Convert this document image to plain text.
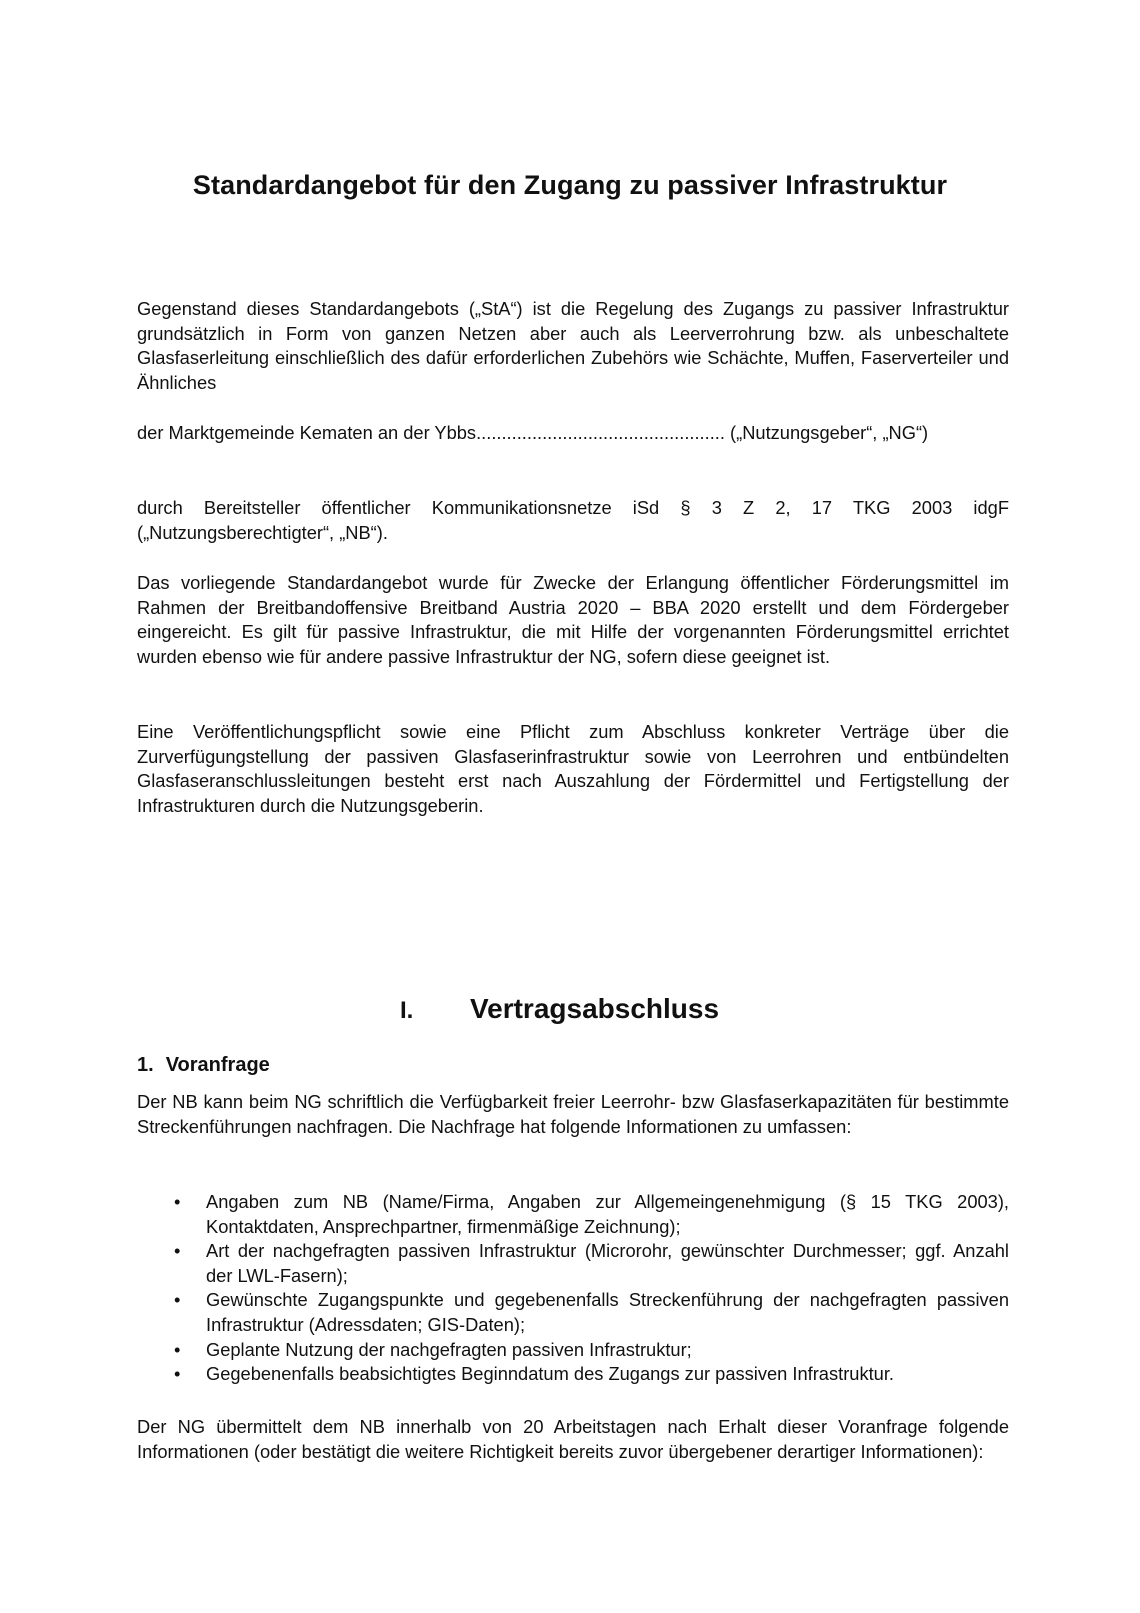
Standardangebot für den Zugang zu passiver Infrastruktur

Gegenstand dieses Standardangebots („StA“) ist die Regelung des Zugangs zu passiver Infrastruktur grundsätzlich in Form von ganzen Netzen aber auch als Leerverrohrung bzw. als unbeschaltete Glasfaserleitung einschließlich des dafür erforderlichen Zubehörs wie Schächte, Muffen, Faserverteiler und Ähnliches

der Marktgemeinde Kematen an der Ybbs................................................. („Nutzungsgeber“, „NG“)

durch Bereitsteller öffentlicher Kommunikationsnetze iSd § 3 Z 2, 17 TKG 2003 idgF („Nutzungsberechtigter“, „NB“).

Das vorliegende Standardangebot wurde für Zwecke der Erlangung öffentlicher Förderungsmittel im Rahmen der Breitbandoffensive Breitband Austria 2020 – BBA 2020 erstellt und dem Fördergeber eingereicht. Es gilt für passive Infrastruktur, die mit Hilfe der vorgenannten Förderungsmittel errichtet wurden ebenso wie für andere passive Infrastruktur der NG, sofern diese geeignet ist.

Eine Veröffentlichungspflicht sowie eine Pflicht zum Abschluss konkreter Verträge über die Zurverfügungstellung der passiven Glasfaserinfrastruktur sowie von Leerrohren und entbündelten Glasfaseranschlussleitungen besteht erst nach Auszahlung der Fördermittel und Fertigstellung der Infrastrukturen durch die Nutzungsgeberin.

I. Vertragsabschluss
1. Voranfrage

Der NB kann beim NG schriftlich die Verfügbarkeit freier Leerrohr- bzw Glasfaserkapazitäten für bestimmte Streckenführungen nachfragen. Die Nachfrage hat folgende Informationen zu umfassen:

• Angaben zum NB (Name/Firma, Angaben zur Allgemeingenehmigung (§ 15 TKG 2003), Kontaktdaten, Ansprechpartner, firmenmäßige Zeichnung);
• Art der nachgefragten passiven Infrastruktur (Microrohr, gewünschter Durchmesser; ggf. Anzahl der LWL-Fasern);
• Gewünschte Zugangspunkte und gegebenenfalls Streckenführung der nachgefragten passiven Infrastruktur (Adressdaten; GIS-Daten);
• Geplante Nutzung der nachgefragten passiven Infrastruktur;
• Gegebenenfalls beabsichtigtes Beginndatum des Zugangs zur passiven Infrastruktur.

Der NG übermittelt dem NB innerhalb von 20 Arbeitstagen nach Erhalt dieser Voranfrage folgende Informationen (oder bestätigt die weitere Richtigkeit bereits zuvor übergebener derartiger Informationen):
